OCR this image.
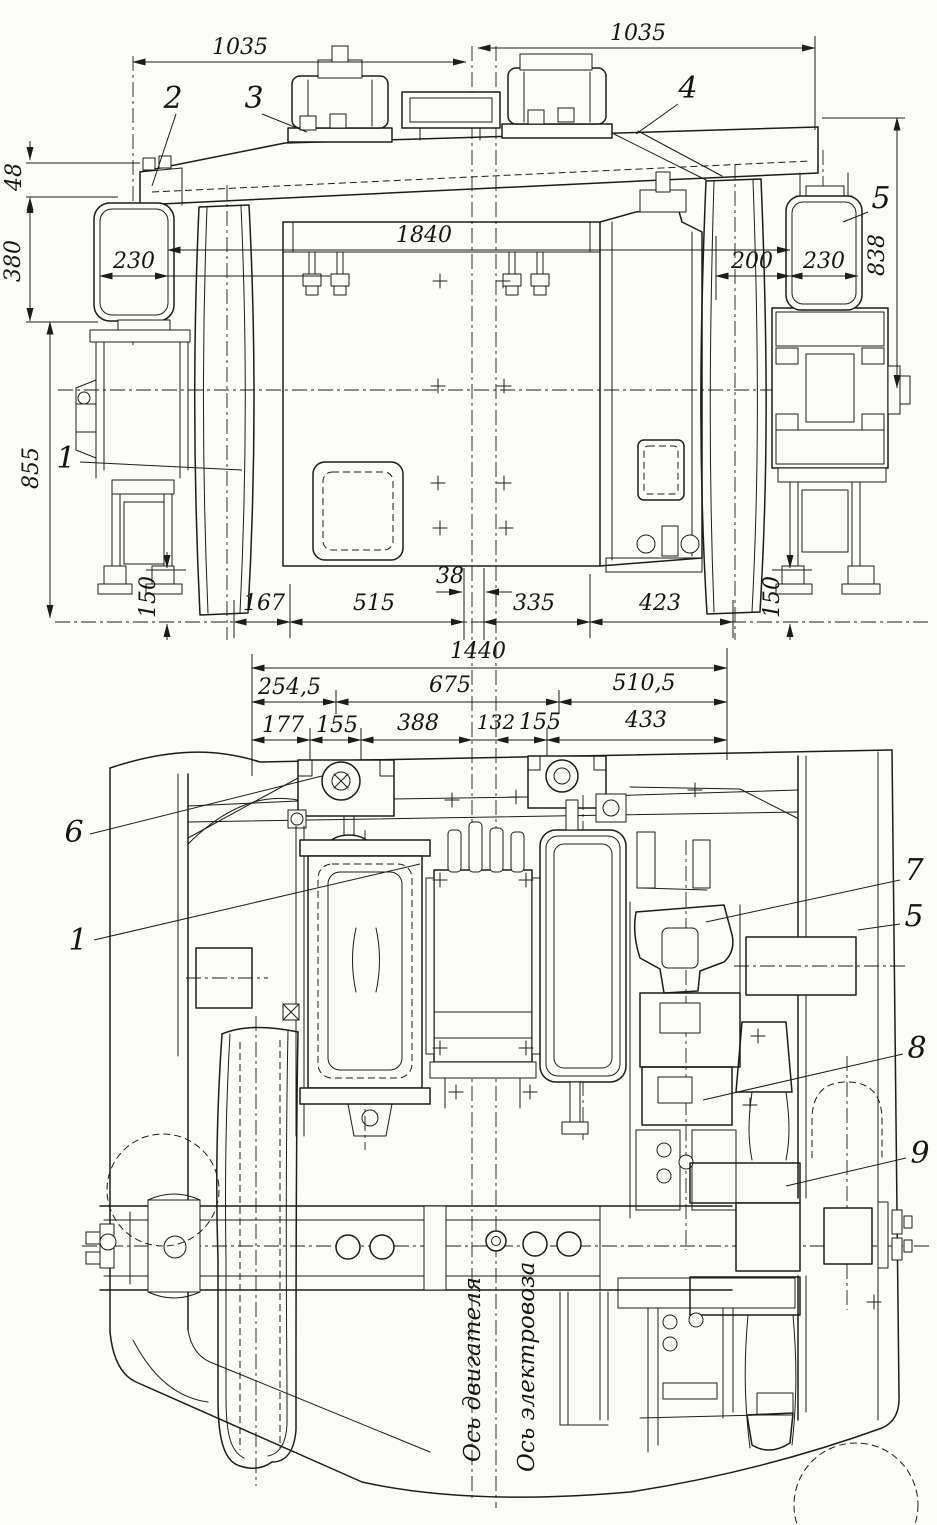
1035
1035
48
380
855
230
1840
200 230 838
150	167	515
38
335	423	150
2 3	4
5
1
1440
254,5	675	510,5
177 155 388 132 155	433
6
1
7
5
8
9
Ось двигателя Ось электровоза
